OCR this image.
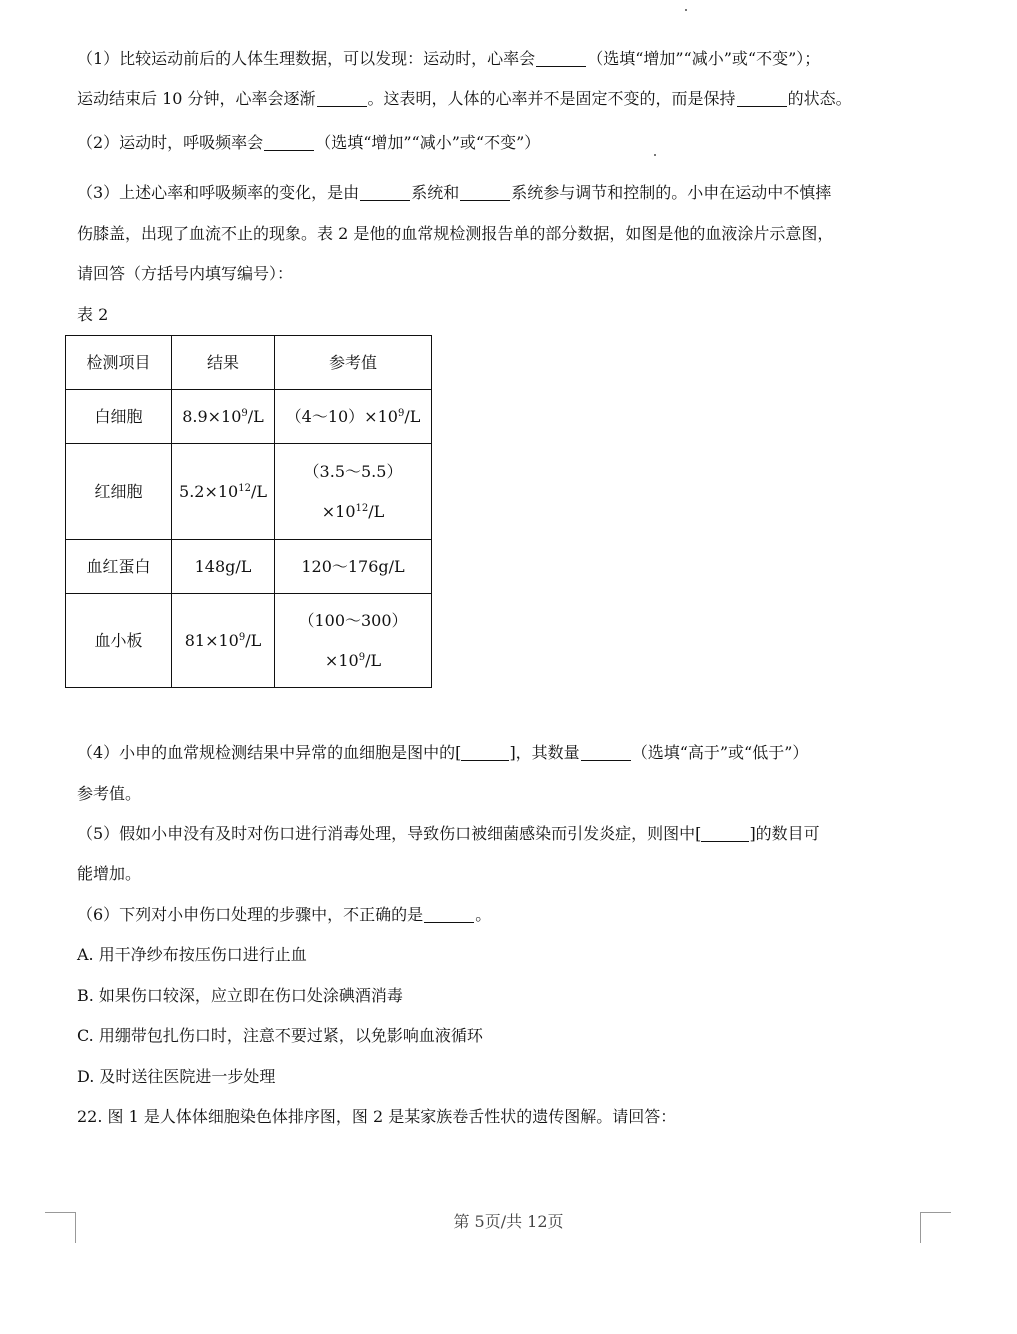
（1）比较运动前后的人体生理数据，可以发现：运动时，心率会	（选填“增加”“减小”或“不变”）；
运动结束后 10 分钟，心率会逐渐	。这表明，人体的心率并不是固定不变的，而是保持	的状态。
（2）运动时，呼吸频率会	（选填“增加”“减小”或“不变”）
（3）上述心率和呼吸频率的变化，是由	系统和	系统参与调节和控制的。小申在运动中不慎摔
伤膝盖，出现了血流不止的现象。表 2 是他的血常规检测报告单的部分数据，如图是他的血液涂片示意图，
请回答（方括号内填写编号）：
表 2
检测项目	结果	参考值
白细胞	$8.9\times 10^9/L$	$(4\sim 10)\times 10^9/L$
红细胞	$5.2\times 10^{12}/L$	（3.5～5.5）
$\times 10^{12}/L$

血红蛋白	148g/L	120～176g/L
血小板	$81\times 10^9/L$	（100～300）
$\times 10^9/L$
（4）小申的血常规检测结果中异常的血细胞是图中的[	]，其数量	（选填“高于”或“低于”）
参考值。
（5）假如小申没有及时对伤口进行消毒处理，导致伤口被细菌感染而引发炎症，则图中[	]的数目可
能增加。
（6）下列对小申伤口处理的步骤中，不正确的是	。
A. 用干净纱布按压伤口进行止血
B. 如果伤口较深，应立即在伤口处涂碘酒消毒
C. 用绷带包扎伤口时，注意不要过紧，以免影响血液循环
D. 及时送往医院进一步处理
22. 图 1 是人体体细胞染色体排序图，图 2 是某家族卷舌性状的遗传图解。请回答：
第 5页/共 12页
